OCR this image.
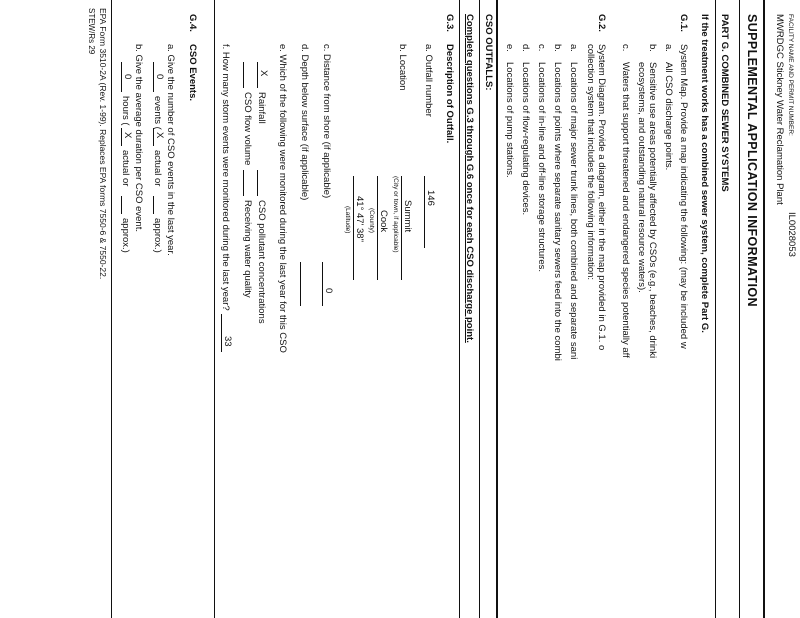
FACILITY NAME AND PERMIT NUMBER:
IL0028053
MWRDGC Stickney Water Reclamation Plant
SUPPLEMENTAL APPLICATION INFORMATION
PART G. COMBINED SEWER SYSTEMS
If the treatment works has a combined sewer system, complete Part G.
G.1.
System Map. Provide a map indicating the following: (may be included w
a.
All CSO discharge points.
b.
Sensitive use areas potentially affected by CSOs (e.g., beaches, drinki
ecosystems, and outstanding natural resource waters).
c.
Waters that support threatened and endangered species potentially aff
G.2.
System Diagram. Provide a diagram, either in the map provided in G.1. o
collection system that includes the following information:
a.
Locations of major sewer trunk lines, both combined and separate sani
b.
Locations of points where separate sanitary sewers feed into the combi
c.
Locations of in-line and off-line storage structures.
d.
Locations of flow-regulating devices.
e.
Locations of pump stations.
CSO OUTFALLS:
Complete questions G.3 through G.6 once for each CSO discharge point.
G.3.
Description of Outfall.
a. Outfall number
146
b. Location
Summit
(City or town, if applicable)
Cook
(County)
41° 47' 38"
(Latitude)
c. Distance from shore (if applicable)
0
d. Depth below surface (if applicable)
e. Which of the following were monitored during the last year for this CSO
X
Rainfall
CSO pollutant concentrations
CSO flow volume
Receiving water quality
f. How many storm events were monitored during the last year?
33
G.4.
CSO Events.
a. Give the number of CSO events in the last year.
0
events (
X
actual or
approx.)
b. Give the average duration per CSO event.
0
hours (
X
actual or
approx.)
EPA Form 3510-2A (Rev. 1-99). Replaces EPA forms 7550-6 & 7550-22.
STEW/Rs 29
